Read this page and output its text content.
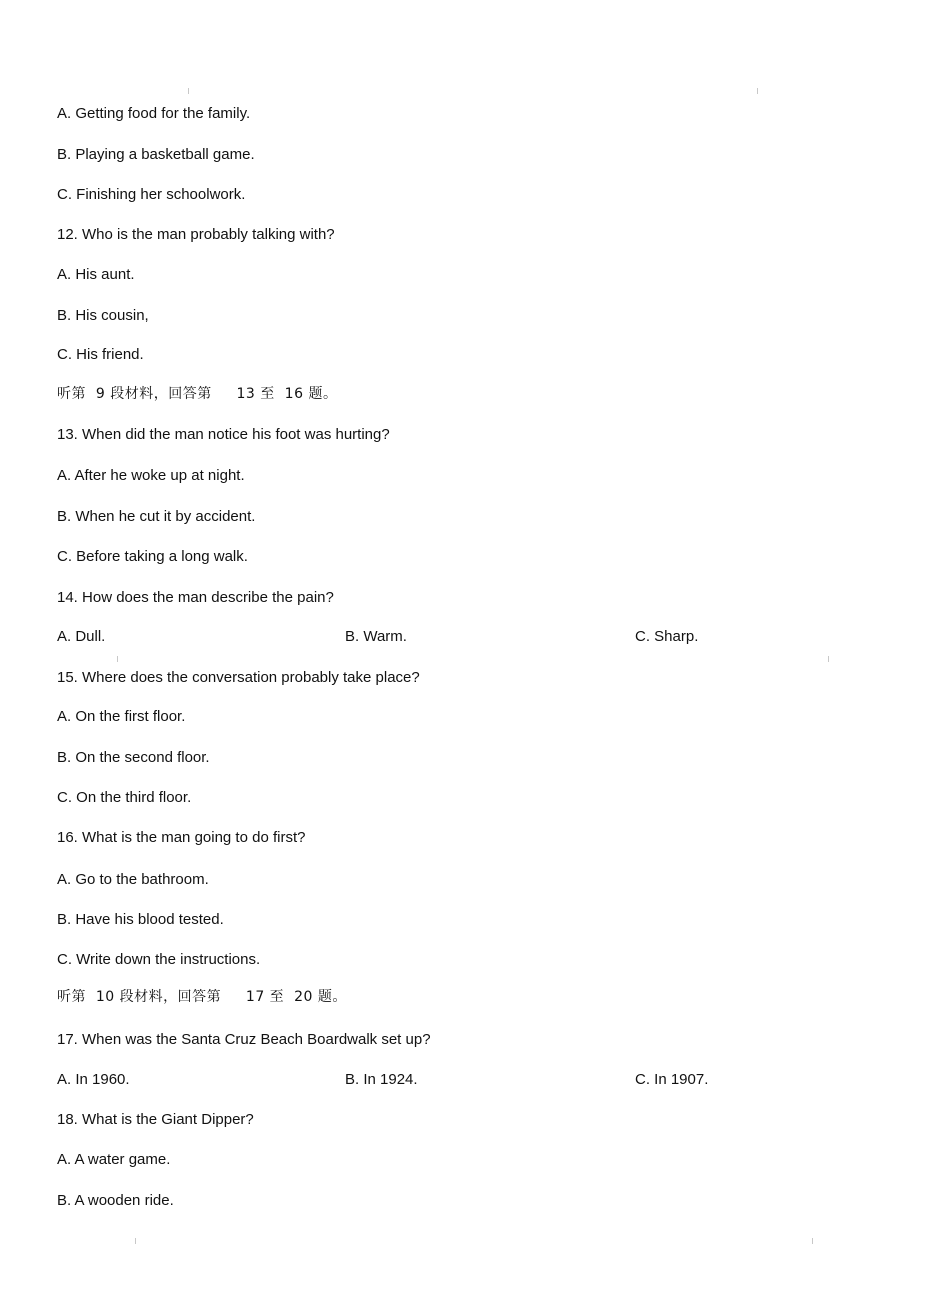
A. Getting food for the family.
B. Playing a basketball game.
C. Finishing her schoolwork.
12. Who is the man probably talking with?
A. His aunt.
B. His cousin,
C. His friend.
听第  9 段材料，回答第     13 至  16 题。
13. When did the man notice his foot was hurting?
A. After he woke up at night.
B. When he cut it by accident.
C. Before taking a long walk.
14. How does the man describe the pain?
A. Dull.	B. Warm.	C. Sharp.
15. Where does the conversation probably take place?
A. On the first floor.
B. On the second floor.
C. On the third floor.
16. What is the man going to do first?
A. Go to the bathroom.
B. Have his blood tested.
C. Write down the instructions.
听第  10 段材料，回答第     17 至  20 题。
17. When was the Santa Cruz Beach Boardwalk set up?
A. In 1960.	B. In 1924.	C. In 1907.
18. What is the Giant Dipper?
A. A water game.
B. A wooden ride.
